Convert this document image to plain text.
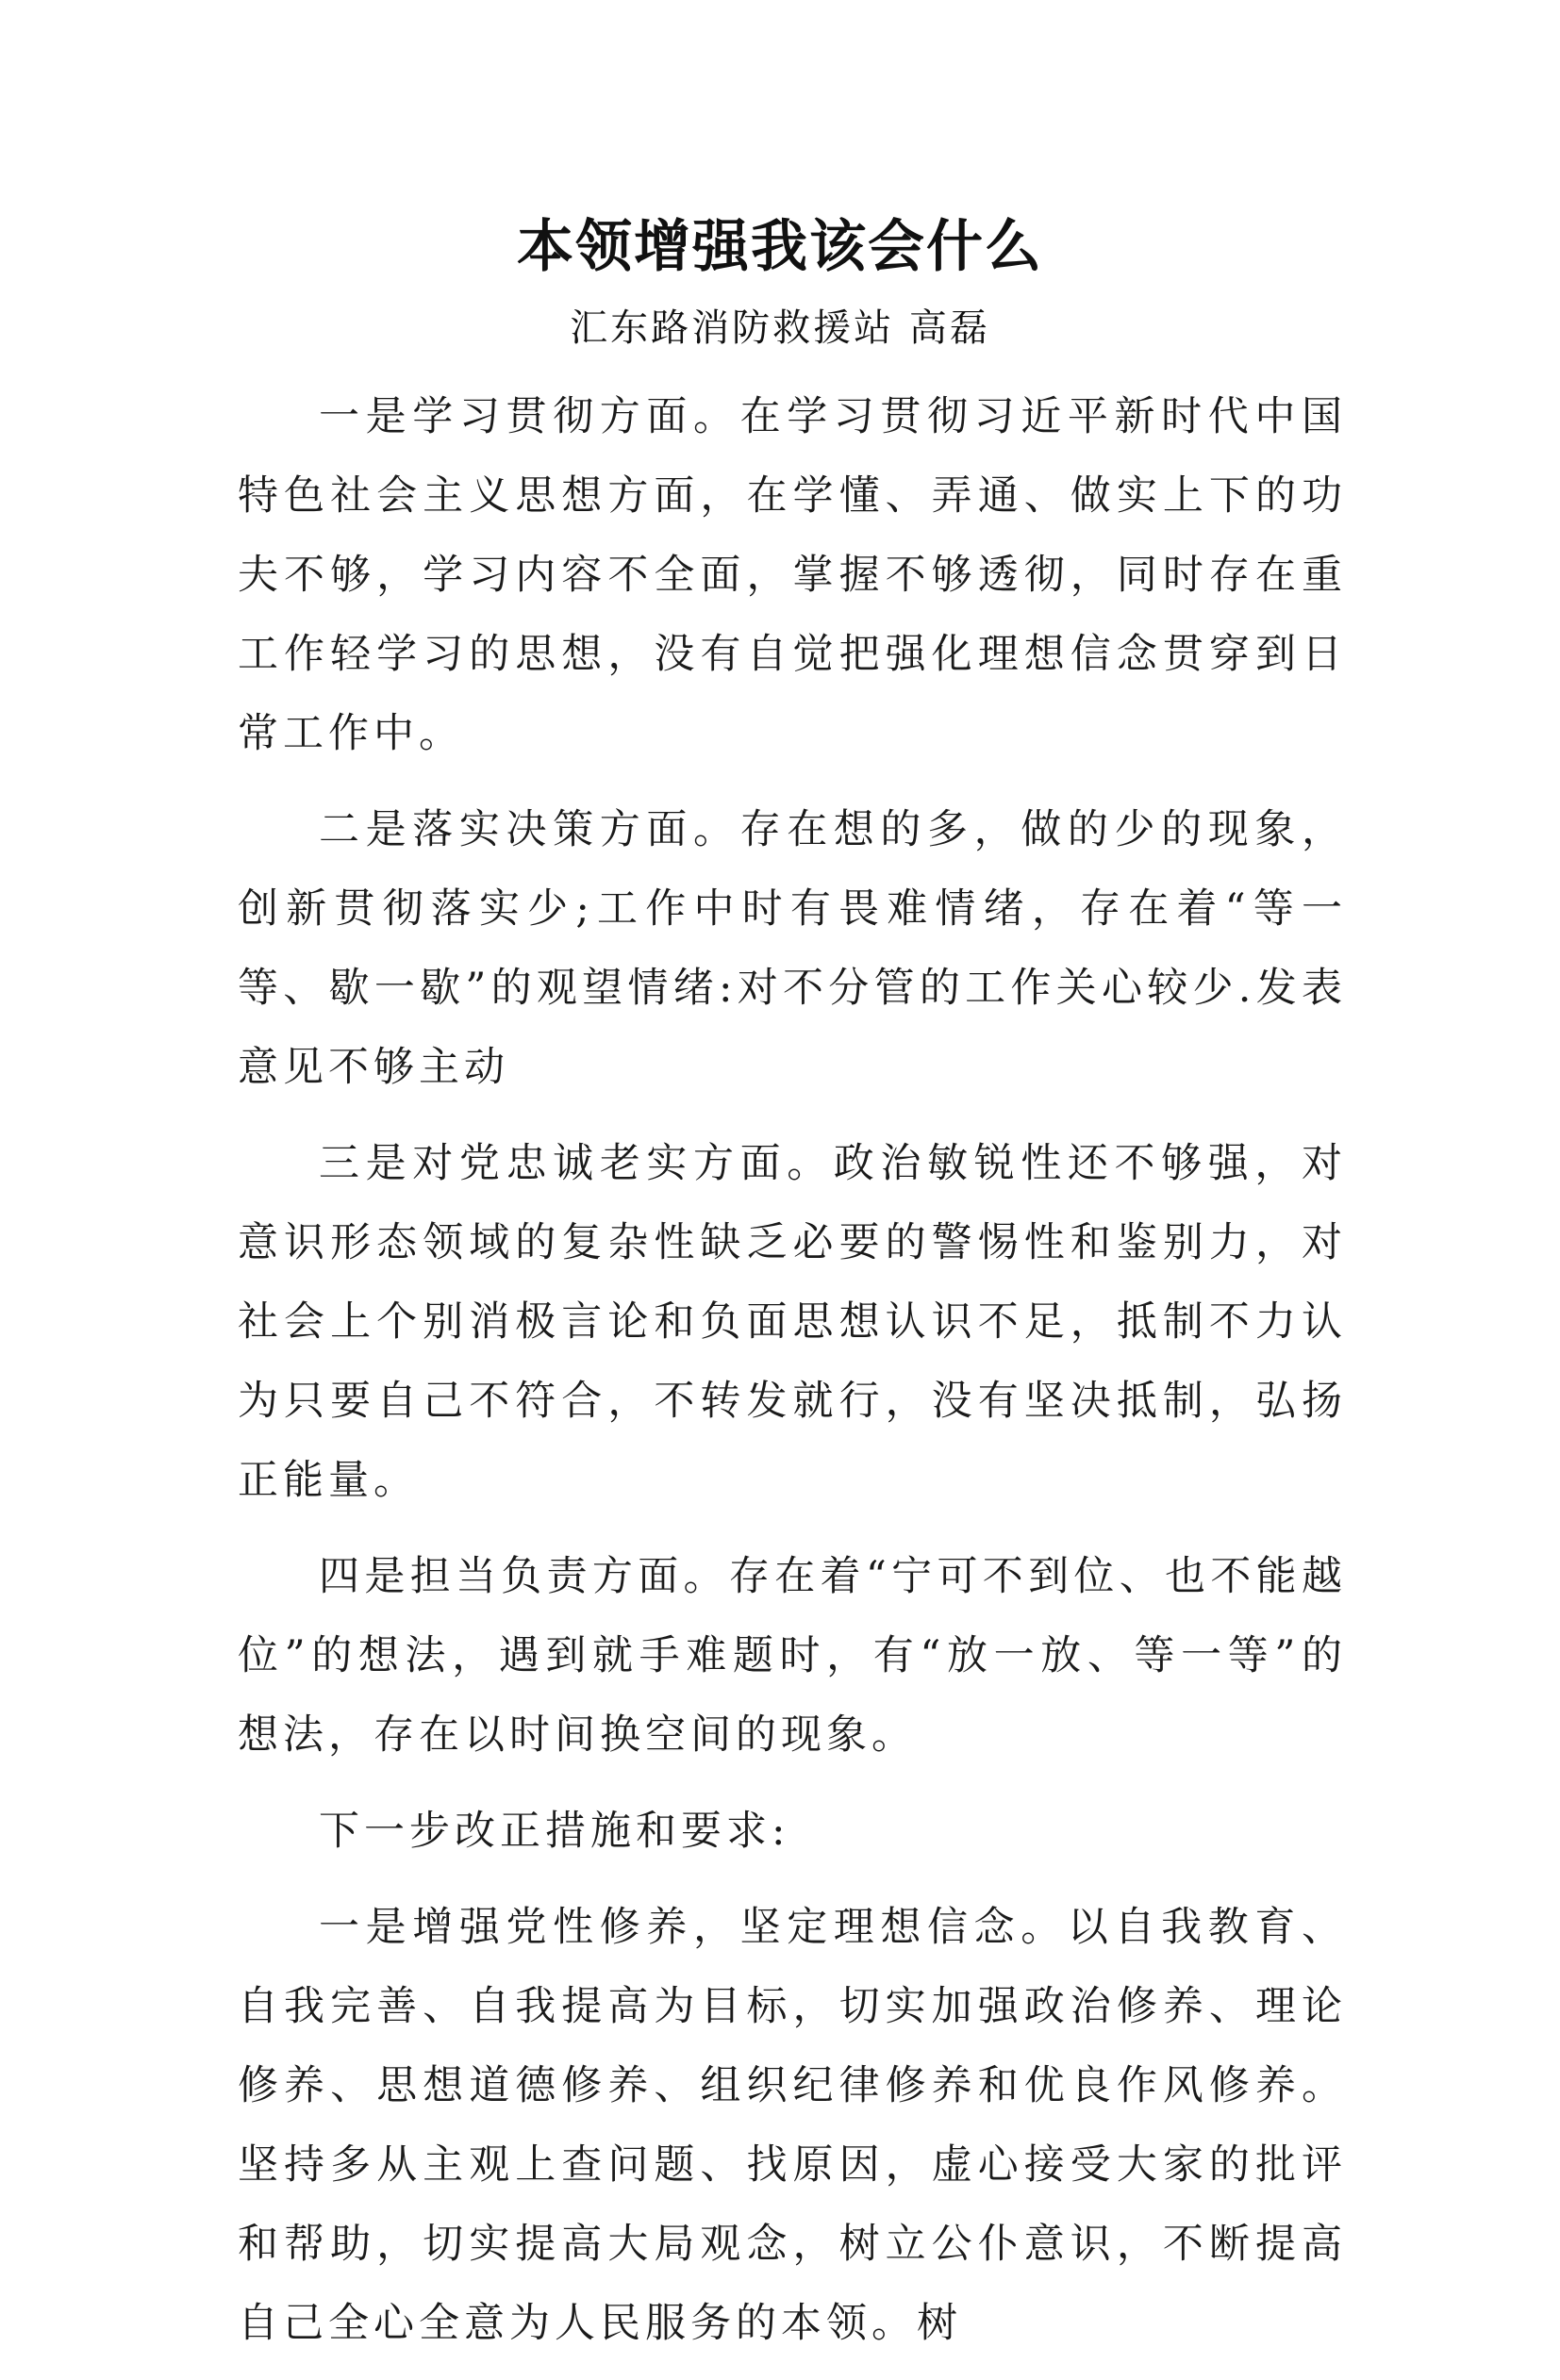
本领增强我该会什么
汇东路消防救援站 高磊

一是学习贯彻方面。在学习贯彻习近平新时代中国特色社会主义思想方面，在学懂、弄通、做实上下的功夫不够，学习内容不全面，掌握不够透彻，同时存在重工作轻学习的思想，没有自觉把强化理想信念贯穿到日常工作中。

二是落实决策方面。存在想的多，做的少的现象，创新贯彻落实少;工作中时有畏难情绪，存在着“等一等、歇一歇”的观望情绪:对不分管的工作关心较少.发表意见不够主动

三是对党忠诚老实方面。政治敏锐性还不够强，对意识形态领域的复杂性缺乏必要的警惕性和鉴别力，对社会上个别消极言论和负面思想认识不足，抵制不力认为只要自己不符合，不转发就行，没有坚决抵制，弘扬正能量。

四是担当负责方面。存在着“宁可不到位、也不能越位”的想法，遇到就手难题时，有“放一放、等一等”的想法，存在以时间换空间的现象。

下一步改正措施和要求:

一是增强党性修养，坚定理想信念。以自我教育、自我完善、自我提高为目标，切实加强政治修养、理论修养、思想道德修养、组织纪律修养和优良作风修养。坚持多从主观上查问题、找原因，虚心接受大家的批评和帮助，切实提高大局观念，树立公仆意识，不断提高自己全心全意为人民服务的本领。树
